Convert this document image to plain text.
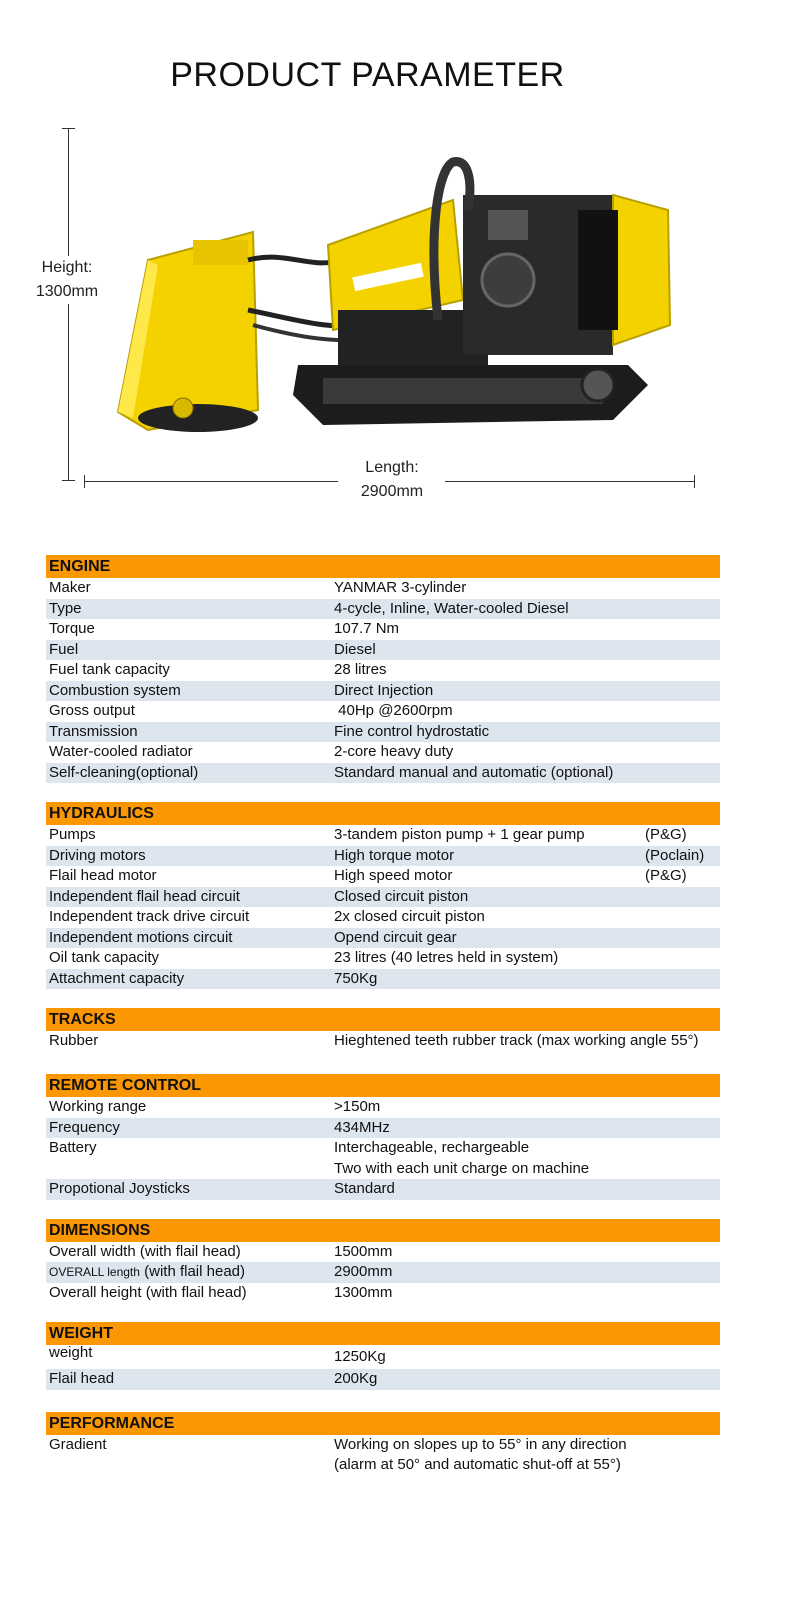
PRODUCT PARAMETER
Height:
1300mm
Length:
2900mm
ENGINE
Maker	YANMAR 3-cylinder
Type	4-cycle, Inline, Water-cooled Diesel
Torque	107.7 Nm
Fuel	Diesel
Fuel tank capacity	28 litres
Combustion system	Direct Injection
Gross output	40Hp @2600rpm
Transmission	Fine control hydrostatic
Water-cooled radiator	2-core heavy duty
Self-cleaning(optional)	Standard manual and automatic (optional)
HYDRAULICS
Pumps	3-tandem piston pump + 1 gear pump	(P&G)
Driving motors	High torque motor	(Poclain)
Flail head motor	High speed motor	(P&G)
Independent flail head circuit	Closed circuit piston
Independent track drive circuit	2x closed circuit piston
Independent motions circuit	Opend circuit gear
Oil tank capacity	23 litres (40 letres held in system)
Attachment capacity	750Kg
TRACKS
Rubber	Hieghtened teeth rubber track (max working angle 55°)
REMOTE CONTROL
Working range	>150m
Frequency	434MHz
Battery	Interchageable, rechargeable
Two with each unit charge on machine
Propotional Joysticks	Standard
DIMENSIONS
Overall width (with flail head)	1500mm
OVERALL length (with flail head)	2900mm
Overall height (with flail head)	1300mm
WEIGHT
weight	1250Kg
Flail head	200Kg
PERFORMANCE
Gradient	Working on slopes up to 55° in any direction
(alarm at 50° and automatic shut-off at 55°)
